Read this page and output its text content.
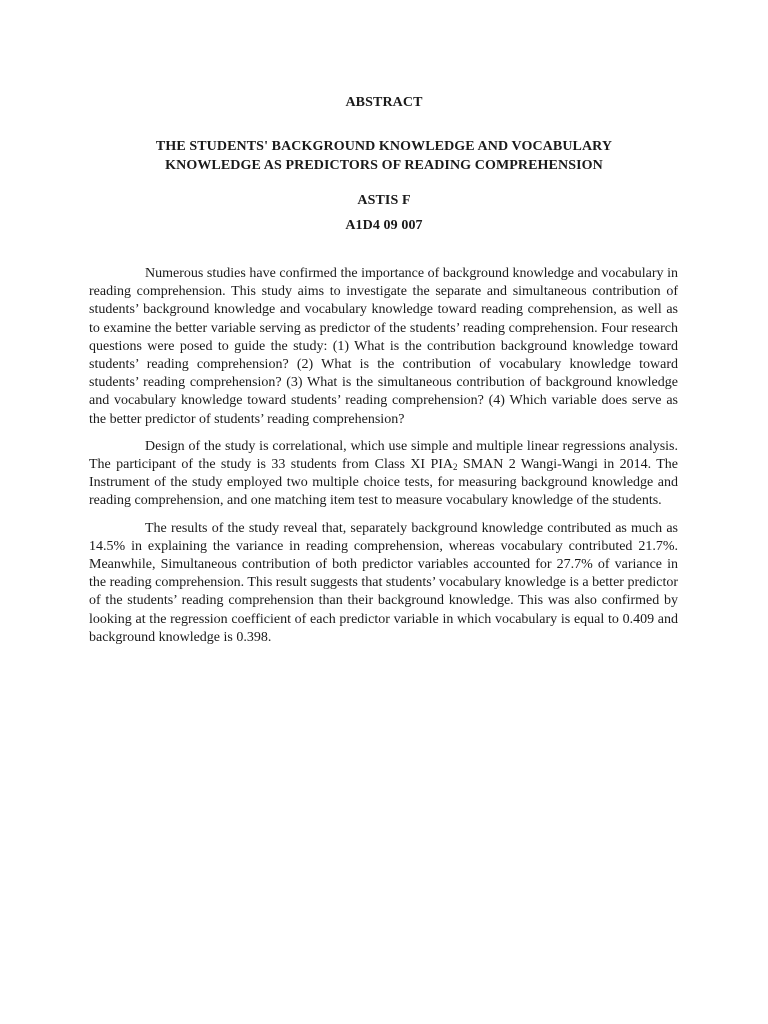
ABSTRACT
THE STUDENTS' BACKGROUND KNOWLEDGE AND VOCABULARY
KNOWLEDGE AS PREDICTORS OF READING COMPREHENSION
ASTIS F
A1D4 09 007

Numerous studies have confirmed the importance of background knowledge and vocabulary in reading comprehension. This study aims to investigate the separate and simultaneous contribution of students’ background knowledge and vocabulary knowledge toward reading comprehension, as well as to examine the better variable serving as predictor of the students’ reading comprehension. Four research questions were posed to guide the study: (1) What is the contribution background knowledge toward students’ reading comprehension? (2) What is the contribution of vocabulary knowledge toward students’ reading comprehension? (3) What is the simultaneous contribution of background knowledge and vocabulary knowledge toward students’ reading comprehension? (4) Which variable does serve as the better predictor of students’ reading comprehension?

Design of the study is correlational, which use simple and multiple linear regressions analysis. The participant of the study is 33 students from Class XI $PIA_2$ SMAN 2 Wangi-Wangi in 2014. The Instrument of the study employed two multiple choice tests, for measuring background knowledge and reading comprehension, and one matching item test to measure vocabulary knowledge of the students.

The results of the study reveal that, separately background knowledge contributed as much as 14.5% in explaining the variance in reading comprehension, whereas vocabulary contributed 21.7%. Meanwhile, Simultaneous contribution of both predictor variables accounted for 27.7% of variance in the reading comprehension. This result suggests that students’ vocabulary knowledge is a better predictor of the students’ reading comprehension than their background knowledge. This was also confirmed by looking at the regression coefficient of each predictor variable in which vocabulary is equal to 0.409 and background knowledge is 0.398.
